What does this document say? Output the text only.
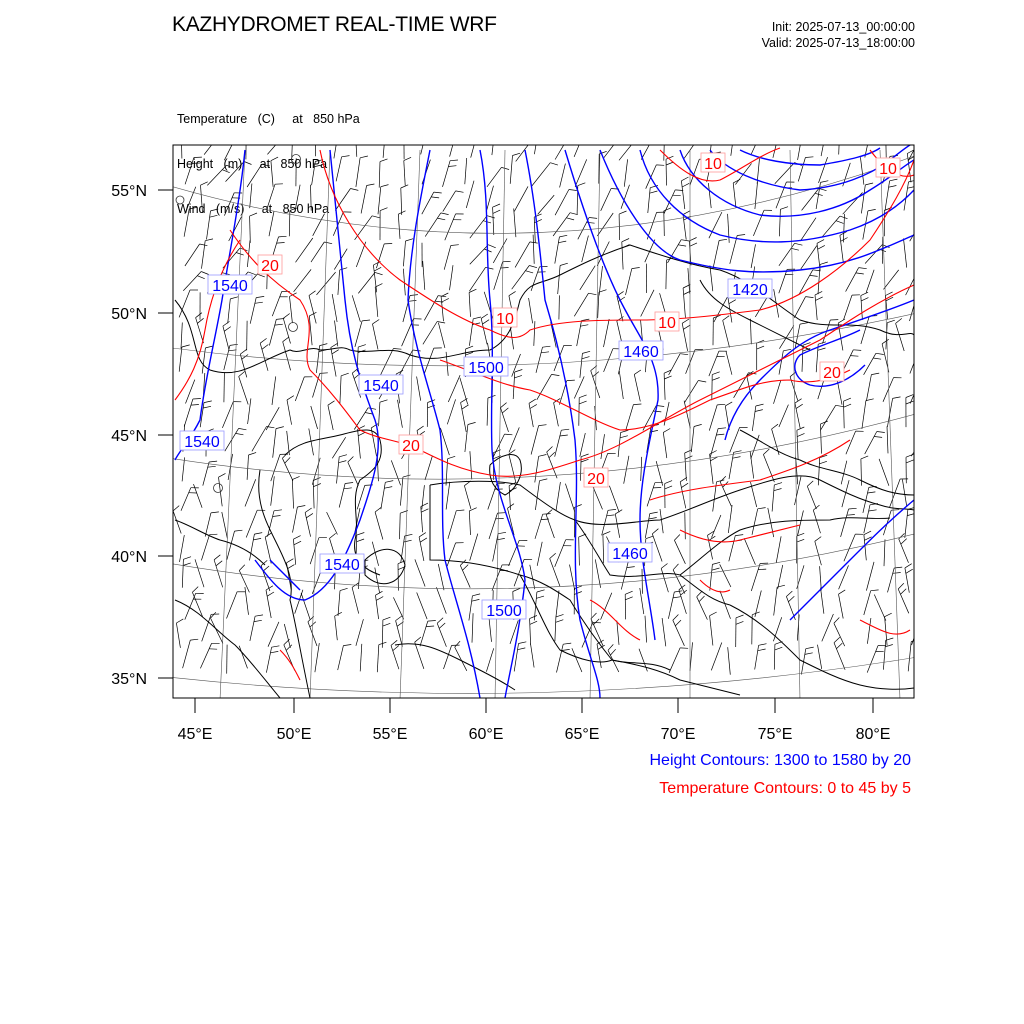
KAZHYDROMET REAL-TIME WRF	Init: 2025-07-13_00:00:00
Valid: 2025-07-13_18:00:00

Temperature   (C)     at   850 hPa

Height   (m)     at   850 hPa

Wind   (m/s)     at   850 hPa

55°N
50°N
45°N
40°N
35°N
45°E	50°E	55°E	60°E	65°E	70°E	75°E	80°E
1540
1540
1540
1540
1500
1500
1460
1460
1420
10	10
10	10
20
20
20
20
Height Contours: 1300 to 1580 by 20
Temperature Contours: 0 to 45 by 5
